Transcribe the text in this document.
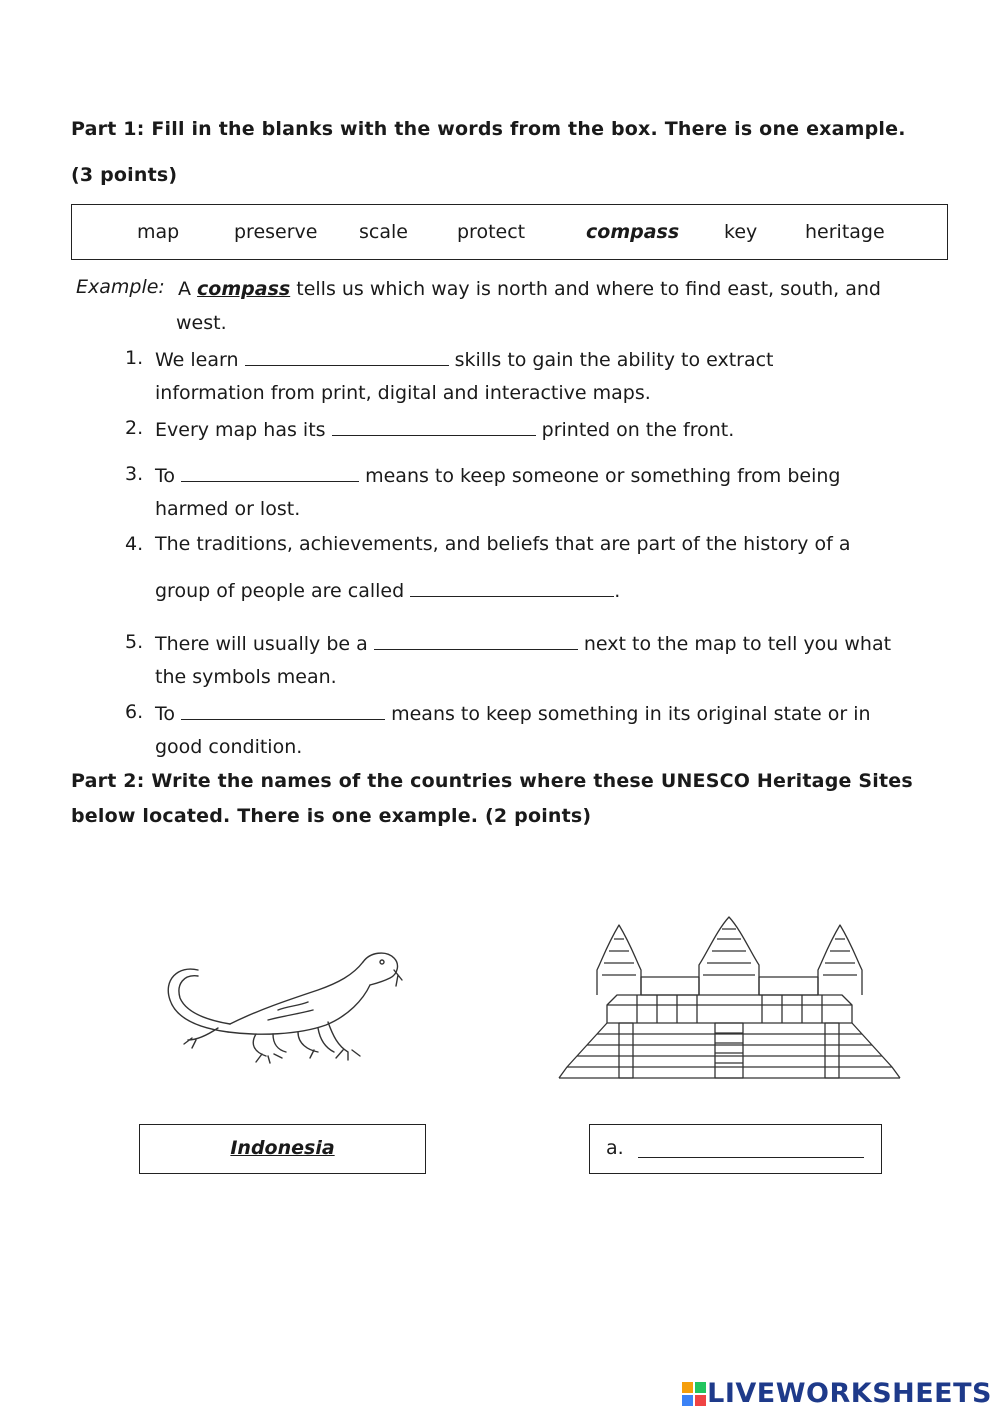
Part 1: Fill in the blanks with the words from the box. There is one example.
(3 points)
map	preserve scale	protect	compass key	heritage
Example: A compass tells us which way is north and where to find east, south, and
west.
1. We learn	skills to gain the ability to extract
information from print, digital and interactive maps.
2. Every map has its	printed on the front.
3. To	means to keep someone or something from being
harmed or lost.
4. The traditions, achievements, and beliefs that are part of the history of a
group of people are called	.
5. There will usually be a	next to the map to tell you what
the symbols mean.
6. To	means to keep something in its original state or in
good condition.
Part 2: Write the names of the countries where these UNESCO Heritage Sites
below located. There is one example. (2 points)
Indonesia	a.
LIVEWORKSHEETS
